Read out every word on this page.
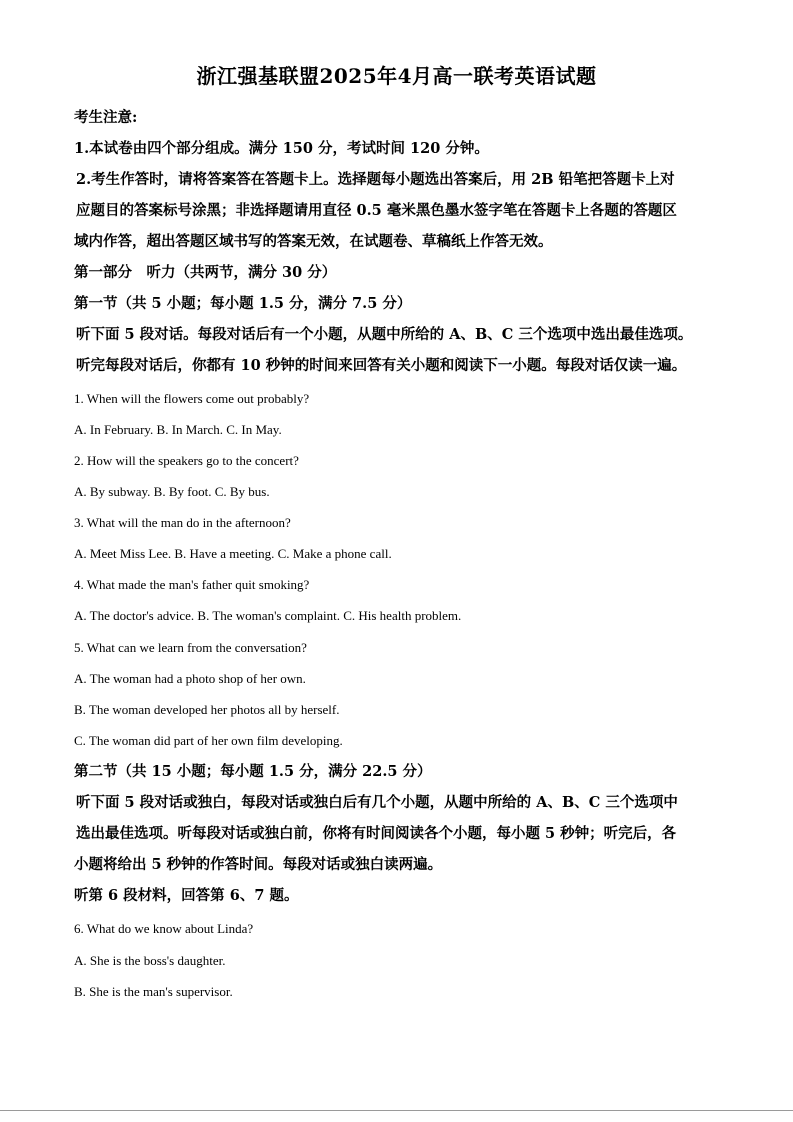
浙江强基联盟2025年4月高一联考英语试题
考生注意:
1.本试卷由四个部分组成。满分 150 分，考试时间 120 分钟。
2.考生作答时，请将答案答在答题卡上。选择题每小题选出答案后，用 2B 铅笔把答题卡上对
应题目的答案标号涂黑；非选择题请用直径 0.5 毫米黑色墨水签字笔在答题卡上各题的答题区
域内作答，超出答题区域书写的答案无效，在试题卷、草稿纸上作答无效。
第一部分　听力（共两节，满分 30 分）
第一节（共 5 小题；每小题 1.5 分，满分 7.5 分）
听下面 5 段对话。每段对话后有一个小题，从题中所给的 A、B、C 三个选项中选出最佳选项。
听完每段对话后，你都有 10 秒钟的时间来回答有关小题和阅读下一小题。每段对话仅读一遍。
1. When will the flowers come out probably?
A. In February. B. In March. C. In May.
2. How will the speakers go to the concert?
A. By subway. B. By foot. C. By bus.
3. What will the man do in the afternoon?
A. Meet Miss Lee. B. Have a meeting. C. Make a phone call.
4. What made the man's father quit smoking?
A. The doctor's advice. B. The woman's complaint. C. His health problem.
5. What can we learn from the conversation?
A. The woman had a photo shop of her own.
B. The woman developed her photos all by herself.
C. The woman did part of her own film developing.
第二节（共 15 小题；每小题 1.5 分，满分 22.5 分）
听下面 5 段对话或独白，每段对话或独白后有几个小题，从题中所给的 A、B、C 三个选项中
选出最佳选项。听每段对话或独白前，你将有时间阅读各个小题，每小题 5 秒钟；听完后，各
小题将给出 5 秒钟的作答时间。每段对话或独白读两遍。
听第 6 段材料，回答第 6、7 题。
6. What do we know about Linda?
A. She is the boss's daughter.
B. She is the man's supervisor.
